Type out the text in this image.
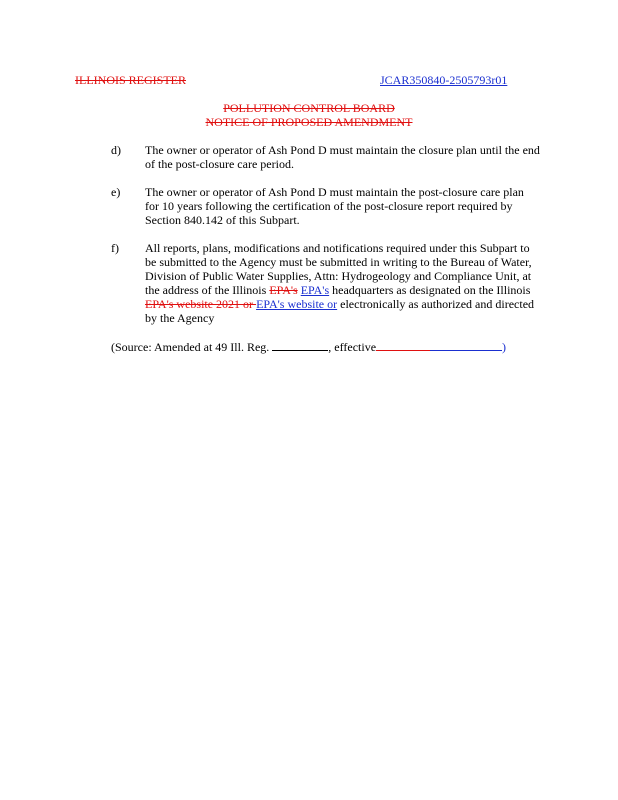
ILLINOIS REGISTER	JCAR350840-2505793r01
POLLUTION CONTROL BOARD
NOTICE OF PROPOSED AMENDMENT
d) The owner or operator of Ash Pond D must maintain the closure plan until the end
of the post-closure care period.
e) The owner or operator of Ash Pond D must maintain the post-closure care plan
for 10 years following the certification of the post-closure report required by
Section 840.142 of this Subpart.
f) All reports, plans, modifications and notifications required under this Subpart to
be submitted to the Agency must be submitted in writing to the Bureau of Water,
Division of Public Water Supplies, Attn: Hydrogeology and Compliance Unit, at
the address of the Illinois EPA's EPA's headquarters as designated on the Illinois
EPA's website 2021 or EPA's website or electronically as authorized and directed
by the Agency
(Source: Amended at 49 Ill. Reg.	, effective	)
